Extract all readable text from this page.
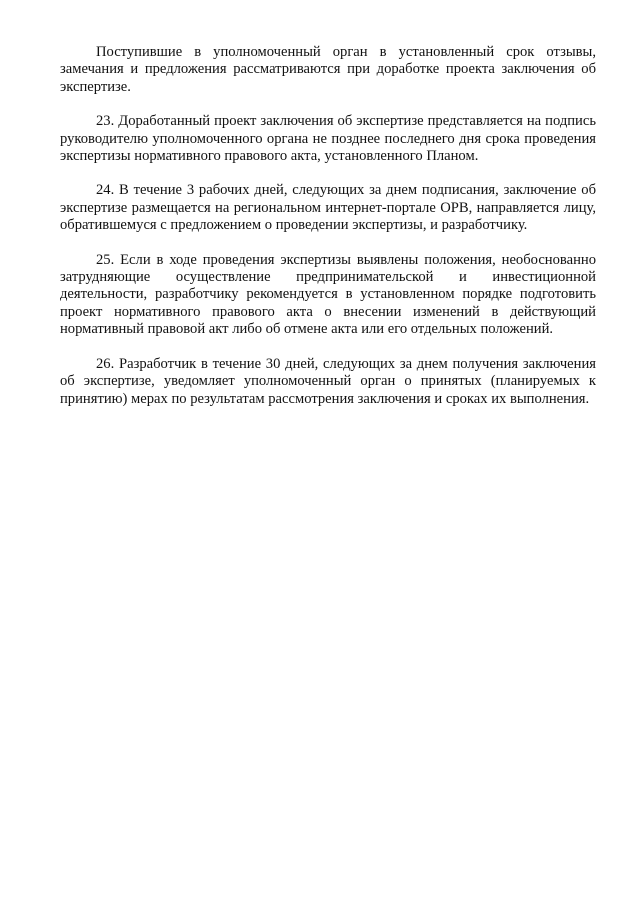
Поступившие в уполномоченный орган в установленный срок отзывы, замечания и предложения рассматриваются при доработке проекта заключения об экспертизе.

23. Доработанный проект заключения об экспертизе представляется на подпись руководителю уполномоченного органа не позднее последнего дня срока проведения экспертизы нормативного правового акта, установленного Планом.

24. В течение 3 рабочих дней, следующих за днем подписания, заключение об экспертизе размещается на региональном интернет-портале ОРВ, направляется лицу, обратившемуся с предложением о проведении экспертизы, и разработчику.

25. Если в ходе проведения экспертизы выявлены положения, необоснованно затрудняющие осуществление предпринимательской и инвестиционной деятельности, разработчику рекомендуется в установленном порядке подготовить проект нормативного правового акта о внесении изменений в действующий нормативный правовой акт либо об отмене акта или его отдельных положений.

26. Разработчик в течение 30 дней, следующих за днем получения заключения об экспертизе, уведомляет уполномоченный орган о принятых (планируемых к принятию) мерах по результатам рассмотрения заключения и сроках их выполнения.
